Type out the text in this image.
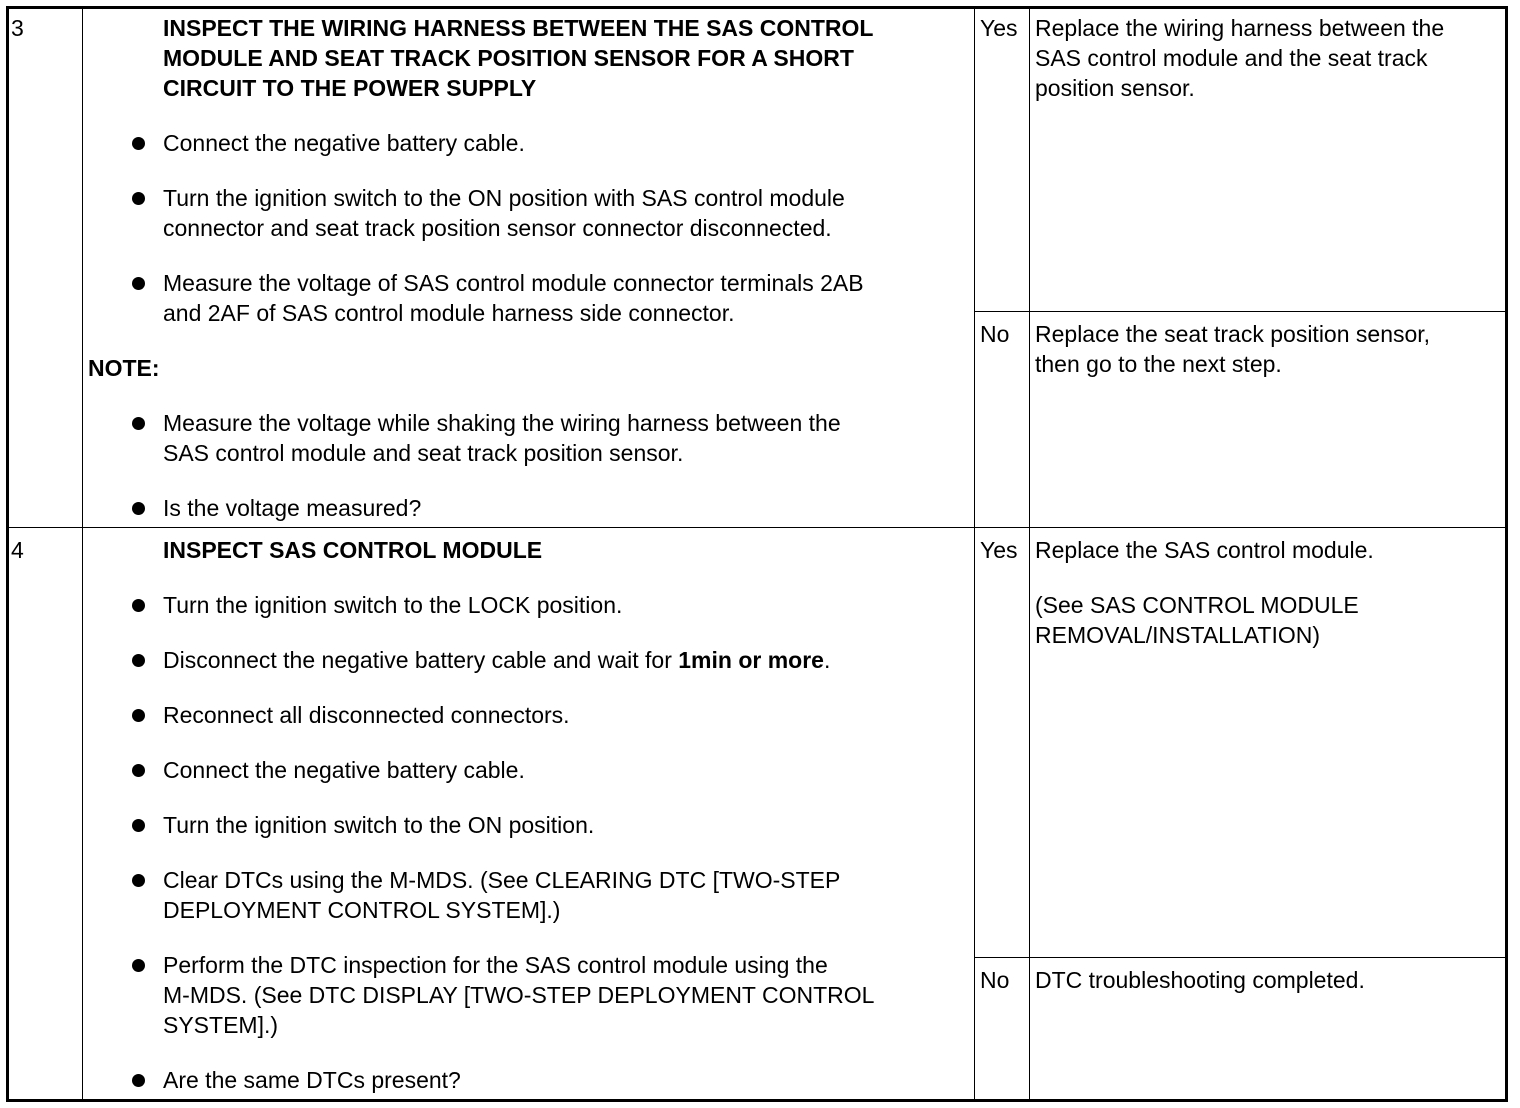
3	INSPECT THE WIRING HARNESS BETWEEN THE SAS CONTROL
MODULE AND SEAT TRACK POSITION SENSOR FOR A SHORT
CIRCUIT TO THE POWER SUPPLY
Connect the negative battery cable.
Turn the ignition switch to the ON position with SAS control module
connector and seat track position sensor connector disconnected.
Measure the voltage of SAS control module connector terminals 2AB
and 2AF of SAS control module harness side connector.
NOTE:
Measure the voltage while shaking the wiring harness between the
SAS control module and seat track position sensor.
Is the voltage measured?
Yes Replace the wiring harness between the
SAS control module and the seat track
position sensor.
No Replace the seat track position sensor,
then go to the next step.
4	INSPECT SAS CONTROL MODULE
Turn the ignition switch to the LOCK position.
Disconnect the negative battery cable and wait for 1min or more.
Reconnect all disconnected connectors.
Connect the negative battery cable.
Turn the ignition switch to the ON position.
Clear DTCs using the M-MDS. (See CLEARING DTC [TWO-STEP
DEPLOYMENT CONTROL SYSTEM].)
Perform the DTC inspection for the SAS control module using the
M-MDS. (See DTC DISPLAY [TWO-STEP DEPLOYMENT CONTROL
SYSTEM].)
Are the same DTCs present?
Yes Replace the SAS control module.
(See SAS CONTROL MODULE
REMOVAL/INSTALLATION)
No DTC troubleshooting completed.
